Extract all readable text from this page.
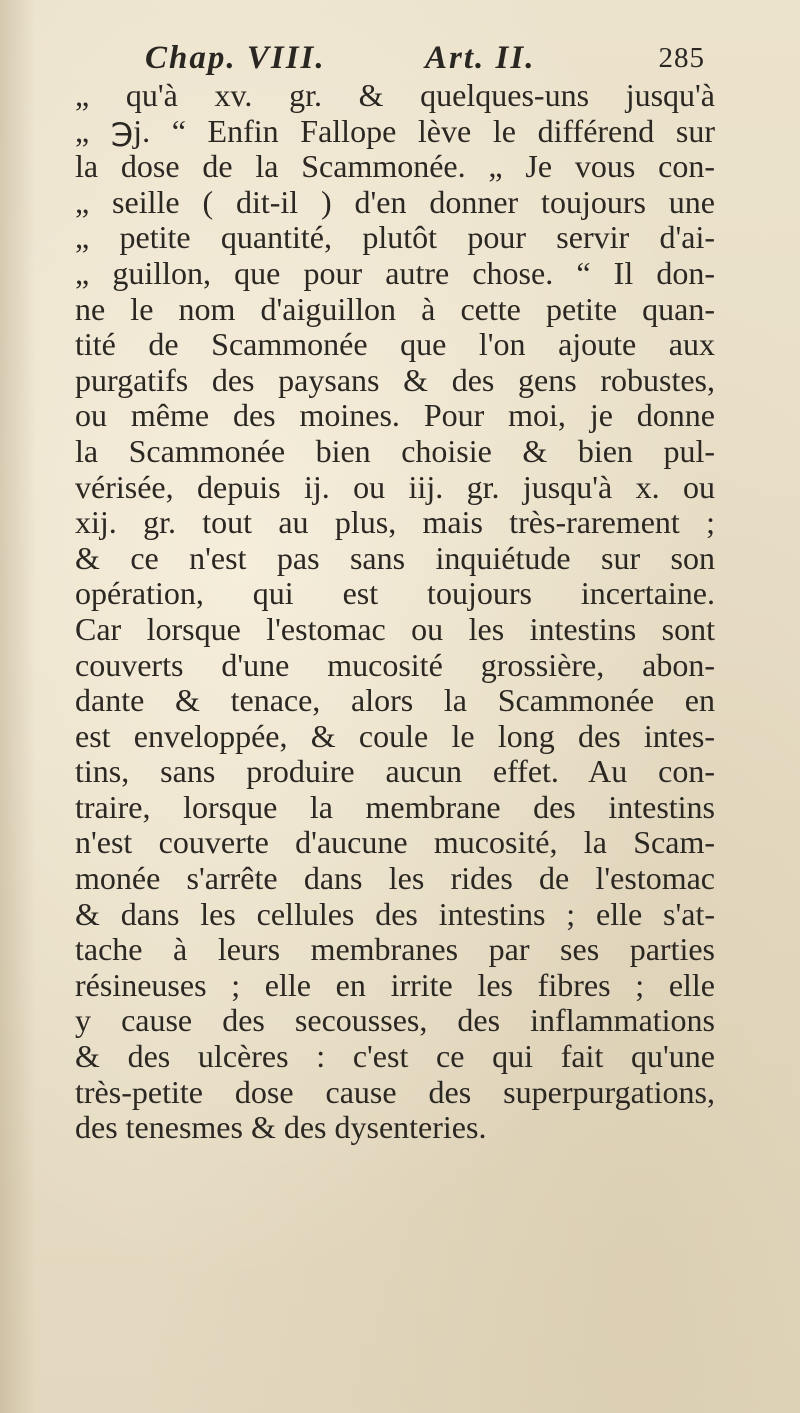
Chap. VIII.	Art. II.	285
„ qu'à xv. gr. & quelques-uns jusqu'à
„ ℈j. “ Enfin Fallope lève le différend sur
la dose de la Scammonée. „ Je vous con-
„ seille ( dit-il ) d'en donner toujours une
„ petite quantité, plutôt pour servir d'ai-
„ guillon, que pour autre chose. “ Il don-
ne le nom d'aiguillon à cette petite quan-
tité de Scammonée que l'on ajoute aux
purgatifs des paysans & des gens robustes,
ou même des moines. Pour moi, je donne
la Scammonée bien choisie & bien pul-
vérisée, depuis ij. ou iij. gr. jusqu'à x. ou
xij. gr. tout au plus, mais très-rarement ;
& ce n'est pas sans inquiétude sur son
opération, qui est toujours incertaine.
Car lorsque l'estomac ou les intestins sont
couverts d'une mucosité grossière, abon-
dante & tenace, alors la Scammonée en
est enveloppée, & coule le long des intes-
tins, sans produire aucun effet. Au con-
traire, lorsque la membrane des intestins
n'est couverte d'aucune mucosité, la Scam-
monée s'arrête dans les rides de l'estomac
& dans les cellules des intestins ; elle s'at-
tache à leurs membranes par ses parties
résineuses ; elle en irrite les fibres ; elle
y cause des secousses, des inflammations
& des ulcères : c'est ce qui fait qu'une
très-petite dose cause des superpurgations,
des tenesmes & des dysenteries.
